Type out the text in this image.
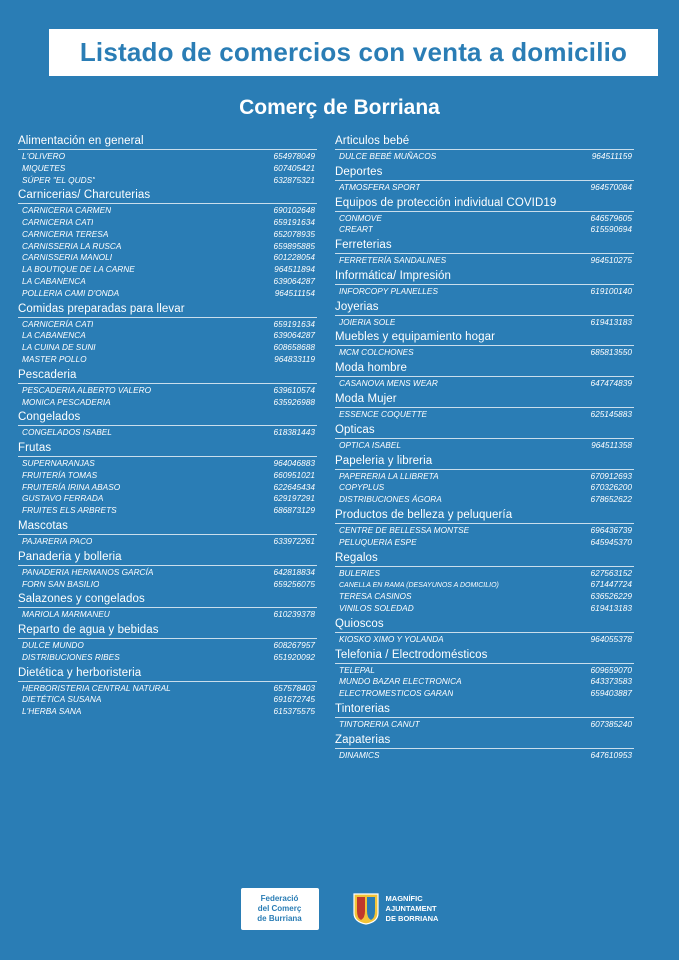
Listado de comercios con venta a domicilio
Comerç de Borriana
Alimentación en general
L'OLIVERO	654978049
MIQUETES	607405421
SÚPER "EL QUDS"	632875321
Carnicerias/ Charcuterias
CARNICERIA CARMEN	690102648
CARNICERIA CATI	659191634
CARNICERIA TERESA	652078935
CARNISSERIA LA RUSCA	659895885
CARNISSERIA MANOLI	601228054
LA BOUTIQUE DE LA CARNE	964511894
LA CABANENCA	639064287
POLLERIA CAMI D'ONDA	964511154
Comidas preparadas para llevar
CARNICERÍA CATI	659191634
LA CABANENCA	639064287
LA CUINA DE SUNI	608658688
MASTER POLLO	964833119
Pescaderia
PESCADERIA ALBERTO VALERO	639610574
MONICA PESCADERIA	635926988
Congelados
CONGELADOS ISABEL	618381443
Frutas
SUPERNARANJAS	964046883
FRUITERÍA TOMAS	660951021
FRUITERÍA IRINA ABASO	622645434
GUSTAVO FERRADA	629197291
FRUITES ELS ARBRETS	686873129
Mascotas
PAJARERIA PACO	633972261
Panaderia y bolleria
PANADERIA HERMANOS GARCÍA	642818834
FORN SAN BASILIO	659256075
Salazones y congelados
MARIOLA MARMANEU	610239378
Reparto de agua y bebidas
DULCE MUNDO	608267957
DISTRIBUCIONES RIBES	651920092
Dietética y herboristeria
HERBORISTERIA CENTRAL NATURAL	657578403
DIETÉTICA SUSANA	691672745
L'HERBA SANA	615375575
Articulos bebé
DULCE BEBÉ MUÑACOS	964511159
Deportes
ATMOSFERA SPORT	964570084
Equipos de protección individual COVID19
CONMOVE	646579605
CREART	615590694
Ferreterias
FERRETERÍA SANDALINES	964510275
Informática/ Impresión
INFORCOPY PLANELLES	619100140
Joyerias
JOIERIA SOLE	619413183
Muebles y equipamiento hogar
MCM COLCHONES	685813550
Moda hombre
CASANOVA MENS WEAR	647474839
Moda Mujer
ESSENCE COQUETTE	625145883
Opticas
OPTICA ISABEL	964511358
Papeleria y libreria
PAPERERIA LA LLIBRETA	670912693
COPYPLUS	670326200
DISTRIBUCIONES ÁGORA	678652622
Productos de belleza y peluquería
CENTRE DE BELLESSA MONTSE	696436739
PELUQUERIA ESPE	645945370
Regalos
BULERIES	627563152
CANELLA EN RAMA (DESAYUNOS A DOMICILIO)	671447724
TERESA CASINOS	636526229
VINILOS SOLEDAD	619413183
Quioscos
KIOSKO XIMO Y YOLANDA	964055378
Telefonia / Electrodomésticos
TELEPAL	609659070
MUNDO BAZAR ELECTRONICA	643373583
ELECTROMESTICOS GARAN	659403887
Tintorerias
TINTORERIA CANUT	607385240
Zapaterias
DINAMICS	647610953
Federació
del Comerç
de Burriana
MAGNÍFIC
AJUNTAMENT
DE BORRIANA
